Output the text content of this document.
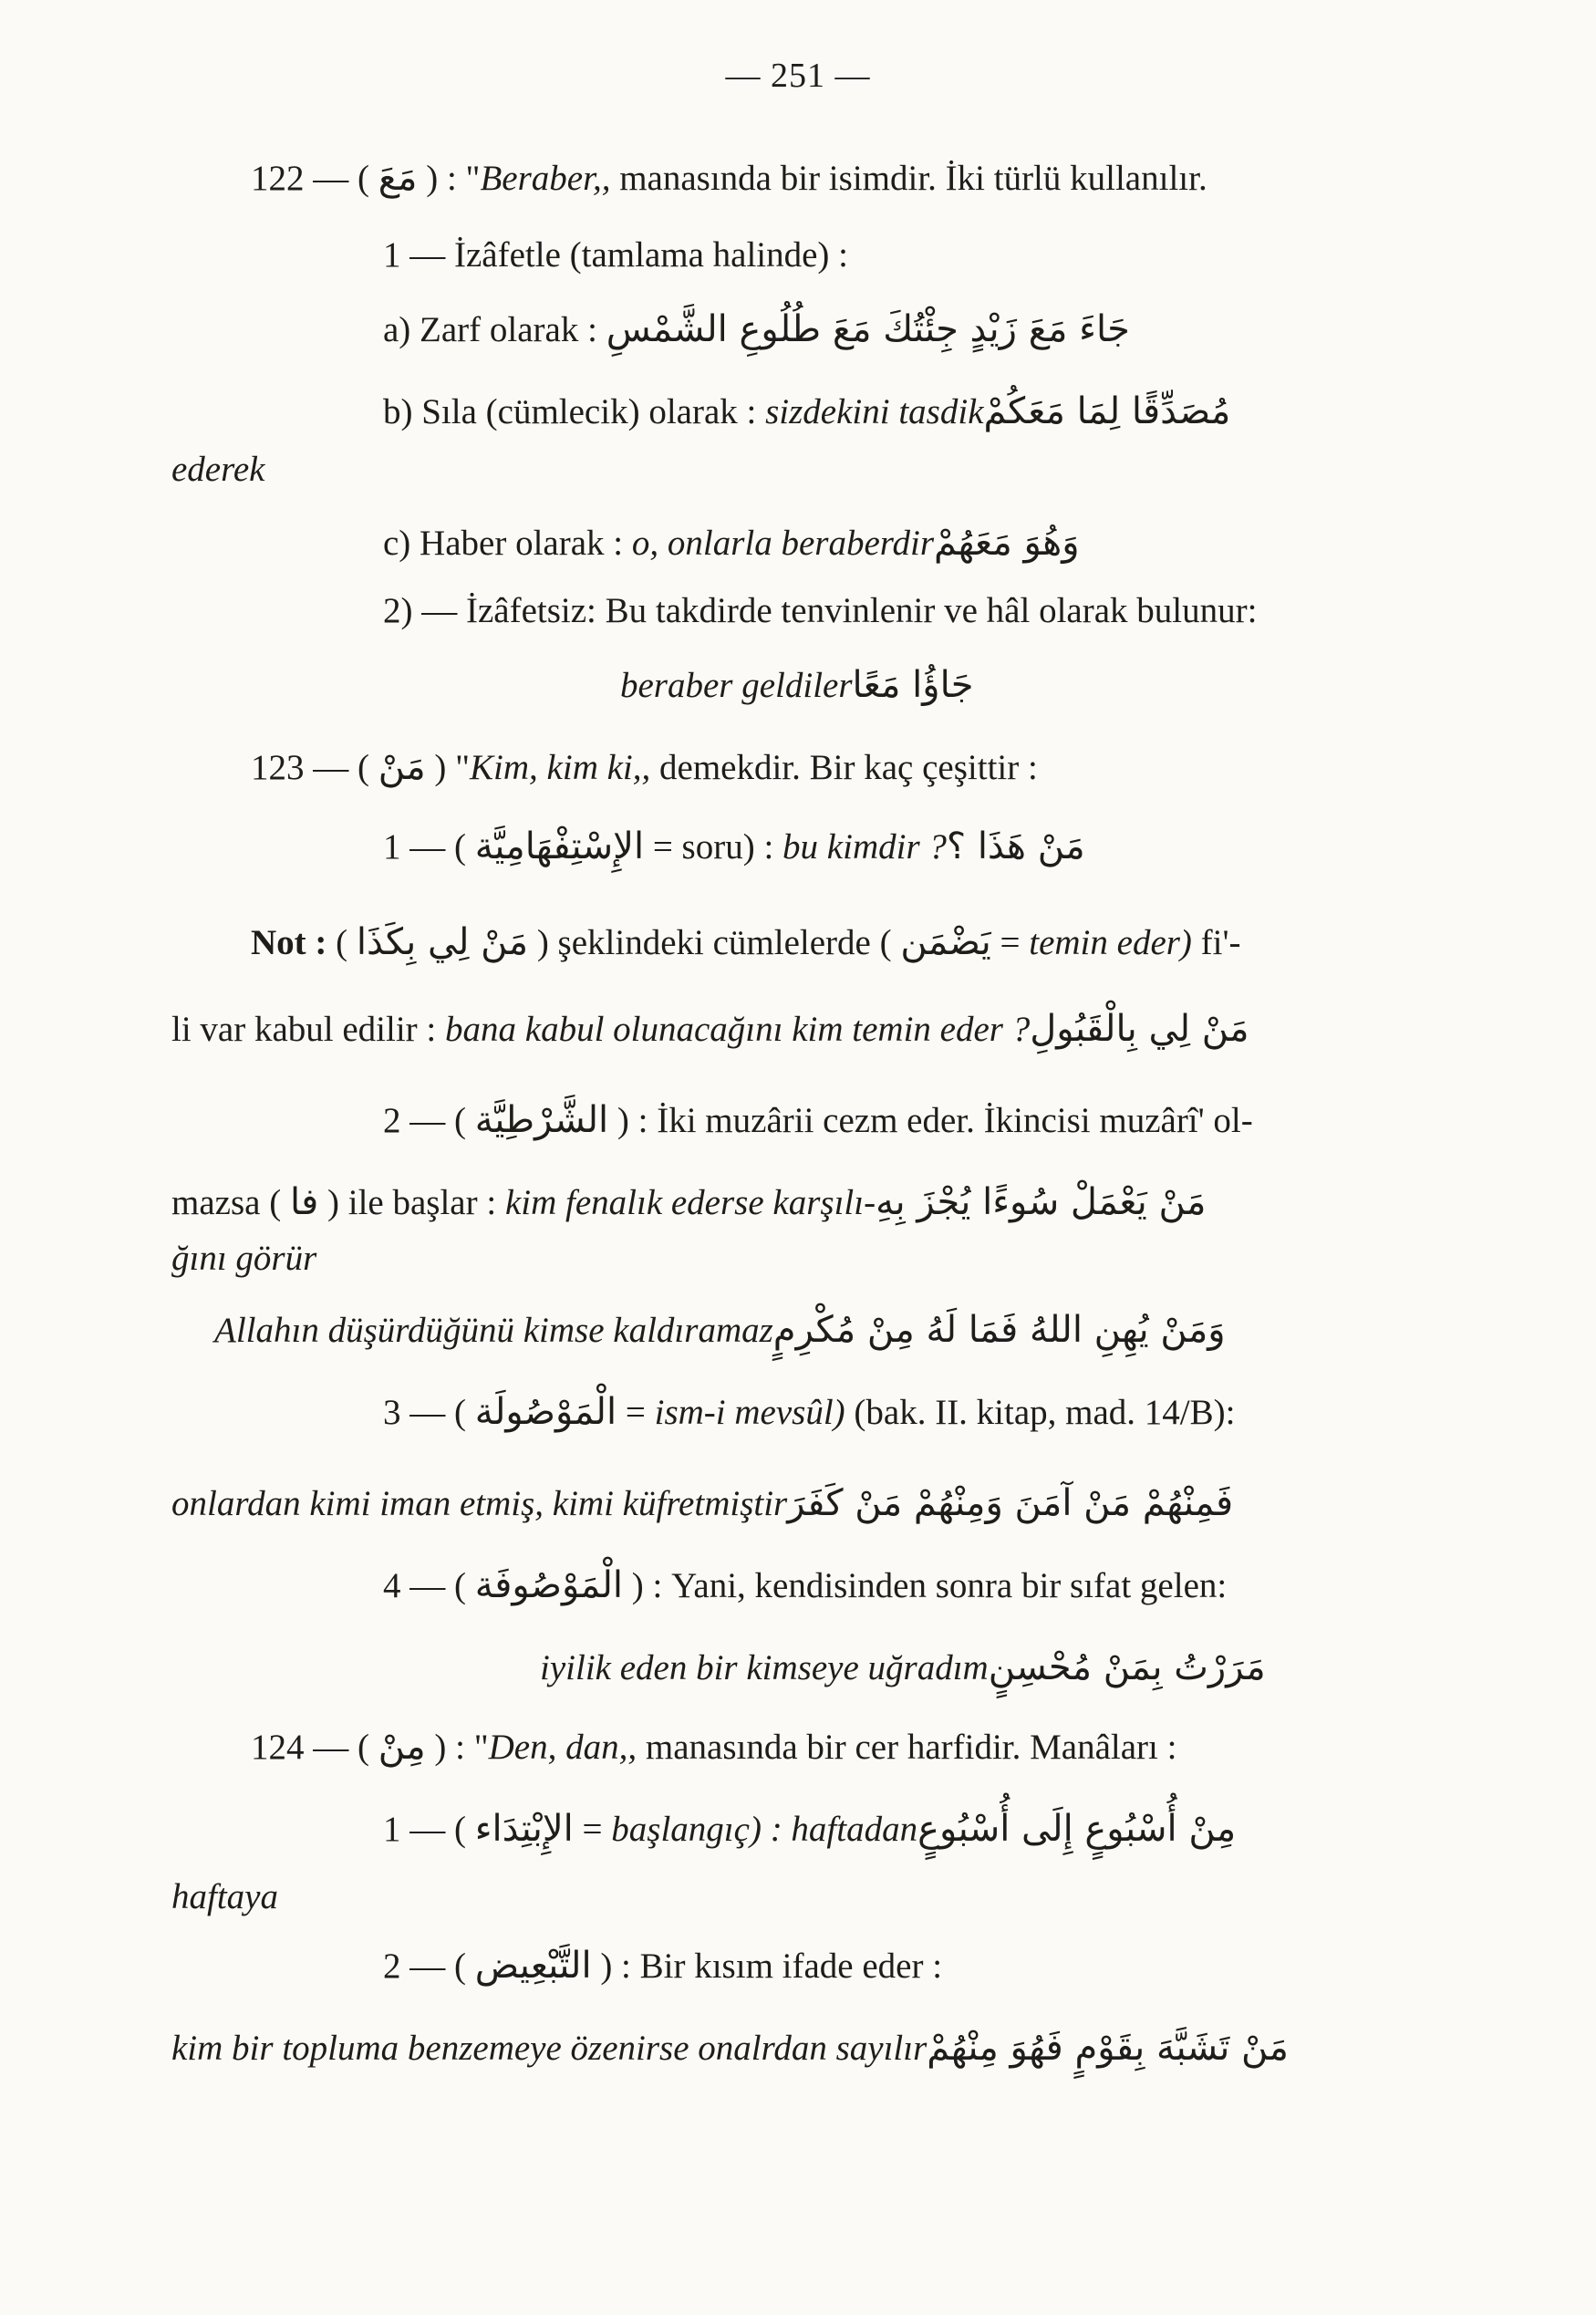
— 251 —
122 — ( مَعَ ) : "Beraber,, manasında bir isimdir. İki türlü kullanılır.
1 — İzâfetle (tamlama halinde) :
a) Zarf olarak : جَاءَ مَعَ زَيْدٍ جِئْتُكَ مَعَ طُلُوعِ الشَّمْسِ
b) Sıla (cümlecik) olarak : sizdekini tasdik مُصَدِّقًا لِمَا مَعَكُمْ
ederek
c) Haber olarak : o, onlarla beraberdir وَهُوَ مَعَهُمْ
2) — İzâfetsiz: Bu takdirde tenvinlenir ve hâl olarak bulunur:
beraber geldiler جَاؤُا مَعًا
123 — ( مَنْ ) "Kim, kim ki,, demekdir. Bir kaç çeşittir :
1 — ( الإِسْتِفْهَامِيَّة = soru) : bu kimdir ? مَنْ هَذَا ؟
Not : ( مَنْ لِي بِكَذَا ) şeklindeki cümlelerde ( يَضْمَن = temin eder) fi'-
li var kabul edilir : bana kabul olunacağını kim temin eder ? مَنْ لِي بِالْقَبُولِ
2 — ( الشَّرْطِيَّة ) : İki muzârii cezm eder. İkincisi muzârî' ol-
mazsa ( فا ) ile başlar : kim fenalık ederse karşılı- مَنْ يَعْمَلْ سُوءًا يُجْزَ بِهِ
ğını görür
Allahın düşürdüğünü kimse kaldıramaz وَمَنْ يُهِنِ اللهُ فَمَا لَهُ مِنْ مُكْرِمٍ
3 — ( الْمَوْصُولَة = ism-i mevsûl) (bak. II. kitap, mad. 14/B):
onlardan kimi iman etmiş, kimi küfretmiştir فَمِنْهُمْ مَنْ آمَنَ وَمِنْهُمْ مَنْ كَفَرَ
4 — ( الْمَوْصُوفَة ) : Yani, kendisinden sonra bir sıfat gelen:
iyilik eden bir kimseye uğradım مَرَرْتُ بِمَنْ مُحْسِنٍ
124 — ( مِنْ ) : "Den, dan,, manasında bir cer harfidir. Manâları :
1 — ( الإِبْتِدَاء = başlangıç) : haftadan مِنْ أُسْبُوعٍ إِلَى أُسْبُوعٍ
haftaya
2 — ( التَّبْعِيض ) : Bir kısım ifade eder :
kim bir topluma benzemeye özenirse onalrdan sayılır مَنْ تَشَبَّهَ بِقَوْمٍ فَهُوَ مِنْهُمْ
